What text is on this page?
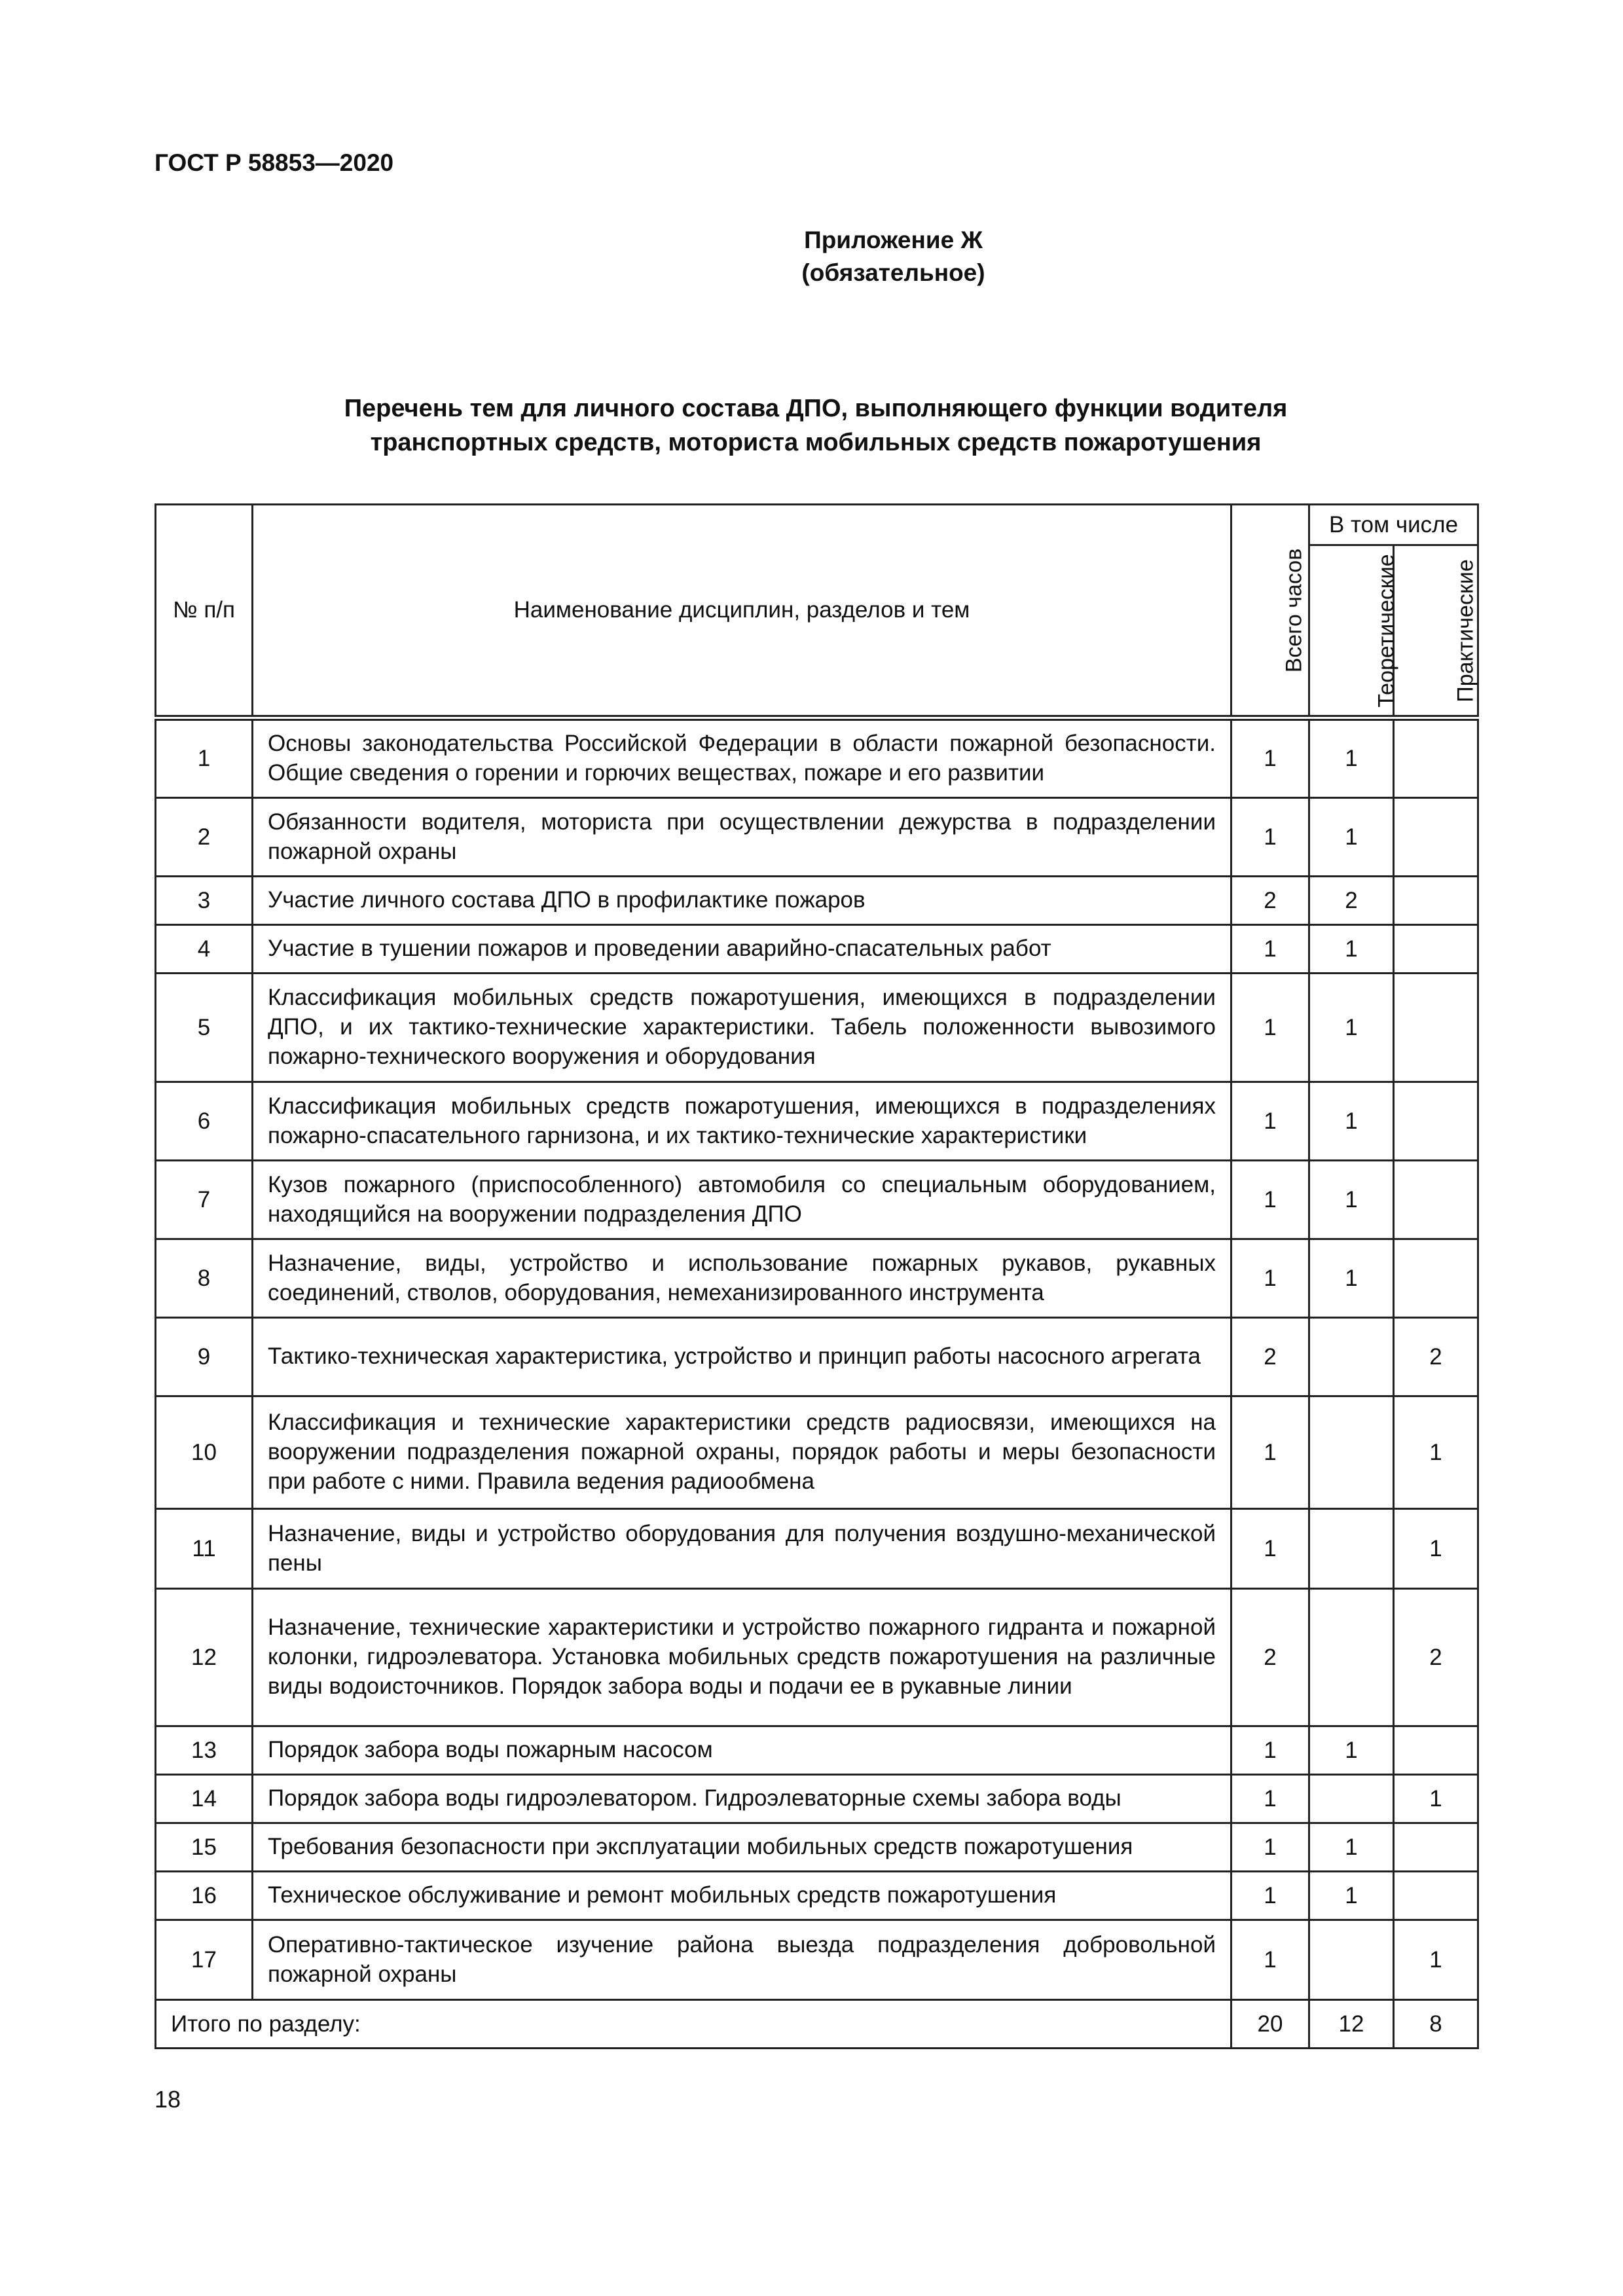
ГОСТ Р 58853—2020
Приложение Ж
(обязательное)
Перечень тем для личного состава ДПО, выполняющего функции водителя
транспортных средств, моториста мобильных средств пожаротушения
№ п/п	Наименование дисциплин, разделов и тем	Всего часов	В том числе	
			Теоретические	Практические
1	Основы законодательства Российской Федерации в области пожарной безопасности. Общие сведения о горении и горючих веществах, пожаре и его развитии	1	1	
2	Обязанности водителя, моториста при осуществлении дежурства в подразделении пожарной охраны	1	1	
3	Участие личного состава ДПО в профилактике пожаров	2	2	
4	Участие в тушении пожаров и проведении аварийно-спасательных работ	1	1	
5	Классификация мобильных средств пожаротушения, имеющихся в подразделении ДПО, и их тактико-технические характеристики. Табель положенности вывозимого пожарно-технического вооружения и оборудования	1	1	
6	Классификация мобильных средств пожаротушения, имеющихся в подразделениях пожарно-спасательного гарнизона, и их тактико-технические характеристики	1	1	
7	Кузов пожарного (приспособленного) автомобиля со специальным оборудованием, находящийся на вооружении подразделения ДПО	1	1	
8	Назначение, виды, устройство и использование пожарных рукавов, рукавных соединений, стволов, оборудования, немеханизированного инструмента	1	1	
9	Тактико-техническая характеристика, устройство и принцип работы насосного агрегата	2		2
10	Классификация и технические характеристики средств радиосвязи, имеющихся на вооружении подразделения пожарной охраны, порядок работы и меры безопасности при работе с ними. Правила ведения радиообмена	1		1
11	Назначение, виды и устройство оборудования для получения воздушно-механической пены	1		1
12	Назначение, технические характеристики и устройство пожарного гидранта и пожарной колонки, гидроэлеватора. Установка мобильных средств пожаротушения на различные виды водоисточников. Порядок забора воды и подачи ее в рукавные линии	2		2
13	Порядок забора воды пожарным насосом	1	1	
14	Порядок забора воды гидроэлеватором. Гидроэлеваторные схемы забора воды	1		1
15	Требования безопасности при эксплуатации мобильных средств пожаротушения	1	1	
16	Техническое обслуживание и ремонт мобильных средств пожаротушения	1	1	
17	Оперативно-тактическое изучение района выезда подразделения добровольной пожарной охраны	1		1
Итого по разделу:		20	12	8
18
